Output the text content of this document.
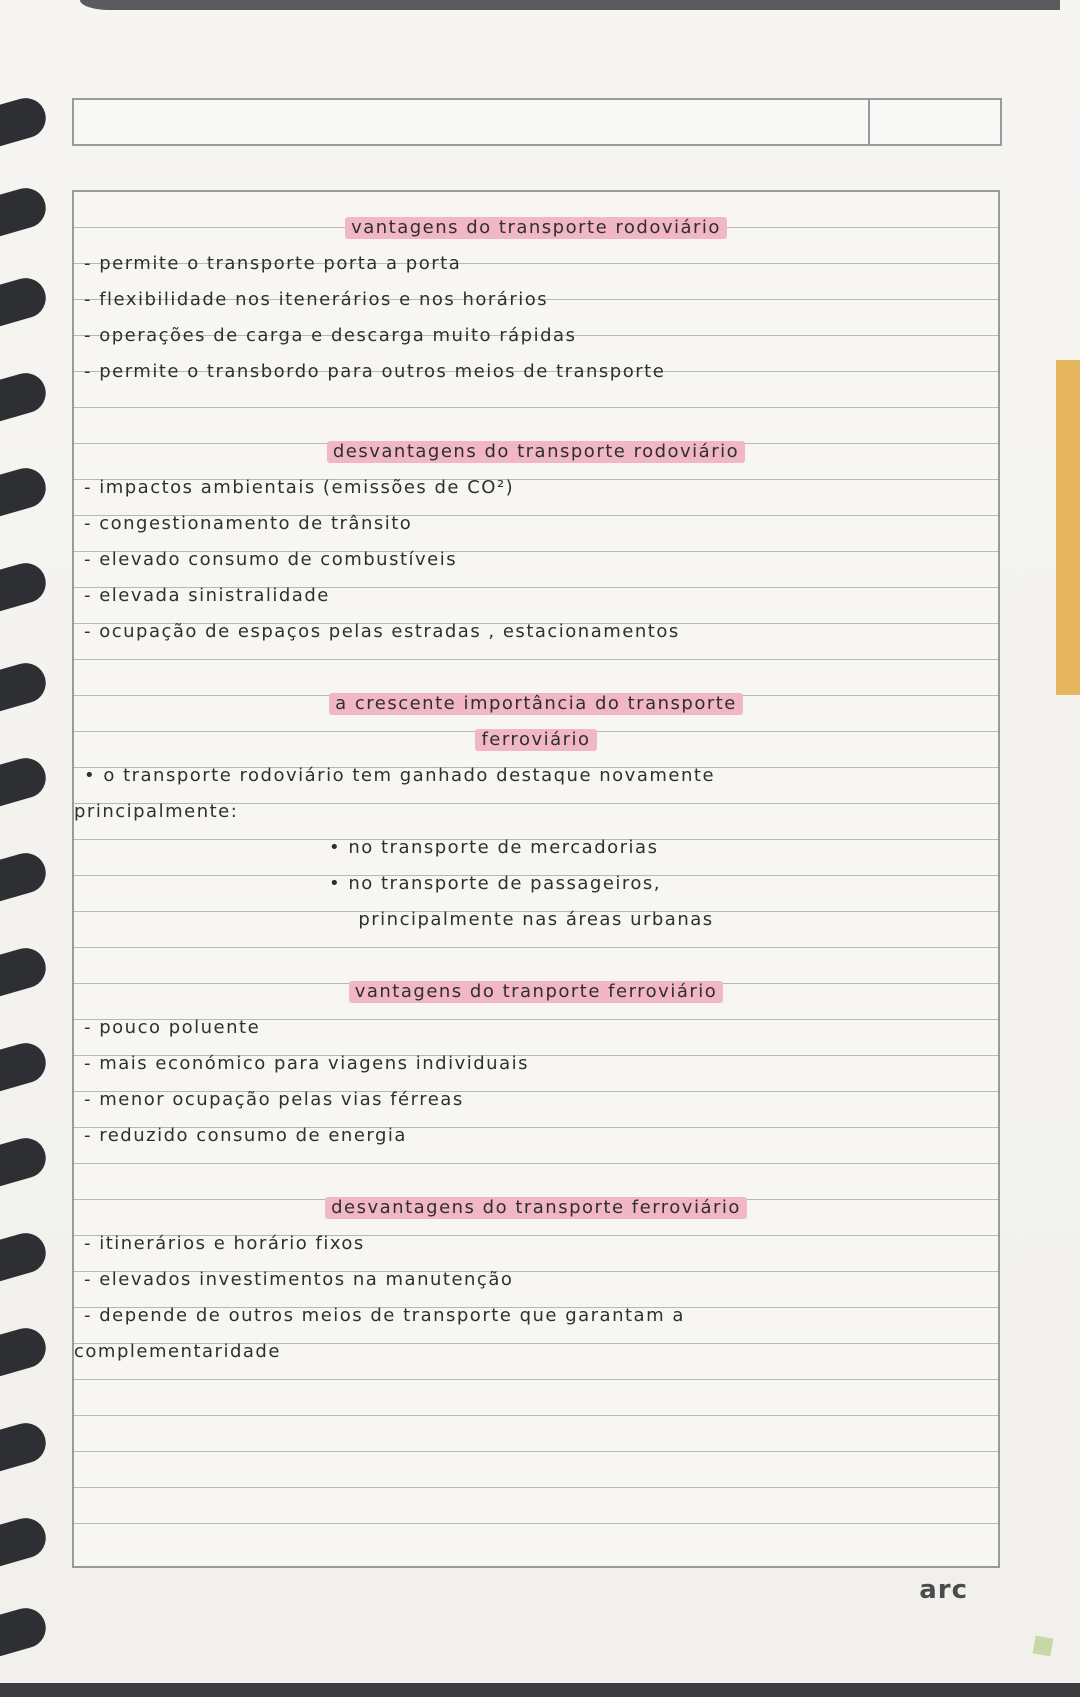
vantagens do transporte rodoviário
- permite o transporte porta a porta
- flexibilidade nos itenerários e nos horários
- operações de carga e descarga muito rápidas
- permite o transbordo para outros meios de transporte
desvantagens do transporte rodoviário
- impactos ambientais (emissões de CO²)
- congestionamento de trânsito
- elevado consumo de combustíveis
- elevada sinistralidade
- ocupação de espaços pelas estradas , estacionamentos
a crescente importância do transporte
ferroviário
• o transporte rodoviário tem ganhado destaque novamente
principalmente:
• no transporte de mercadorias
• no transporte de passageiros,
principalmente nas áreas urbanas
vantagens do tranporte ferroviário
- pouco poluente
- mais económico para viagens individuais
- menor ocupação pelas vias férreas
- reduzido consumo de energia
desvantagens do transporte ferroviário
- itinerários e horário fixos
- elevados investimentos na manutenção
- depende de outros meios de transporte que garantam a
complementaridade
arc
